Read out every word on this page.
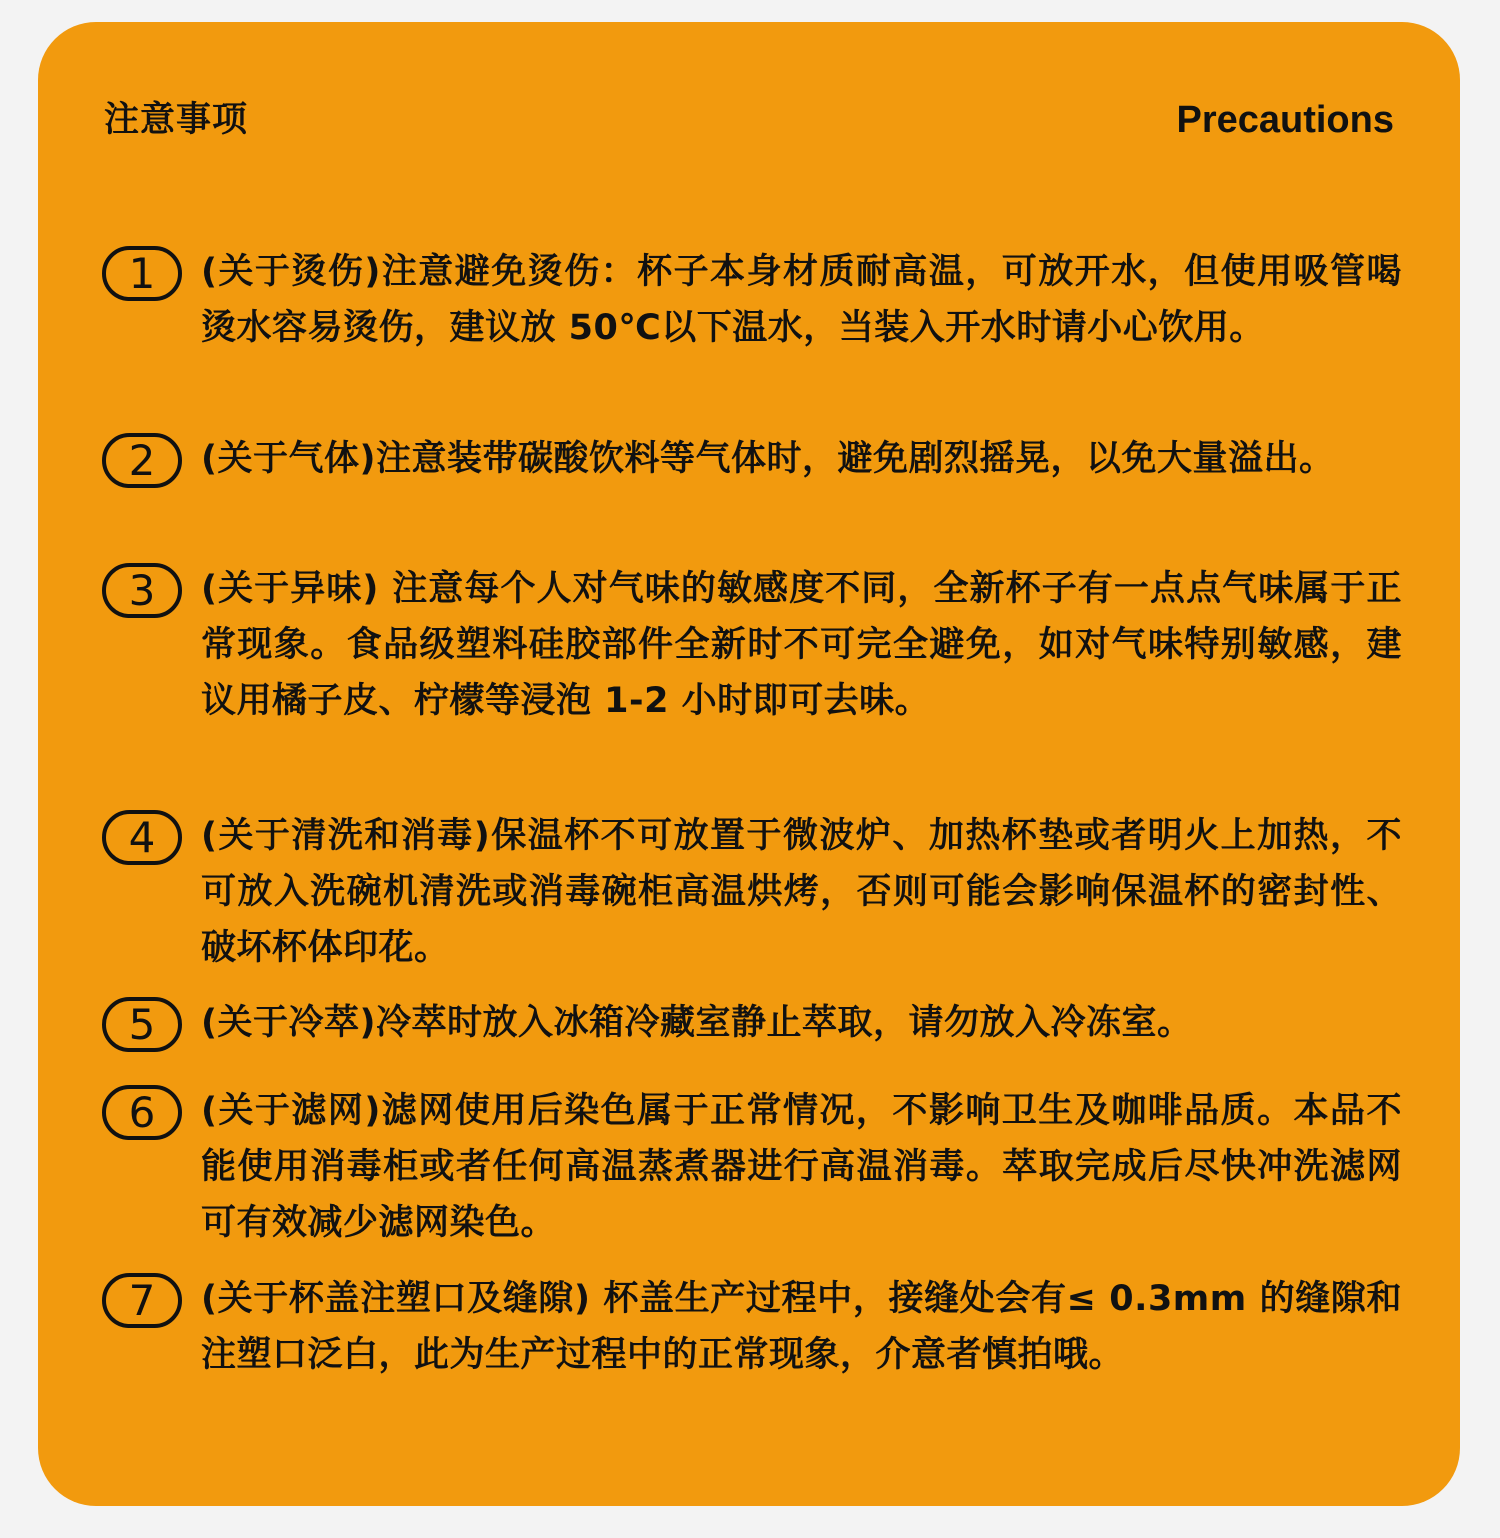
注意事项	Precautions
1	(关于烫伤)注意避免烫伤：杯子本身材质耐高温，可放开水，但使用吸管喝烫水容易烫伤，建议放 50℃以下温水，当装入开水时请小心饮用。
2	(关于气体)注意装带碳酸饮料等气体时，避免剧烈摇晃，以免大量溢出。
3	(关于异味) 注意每个人对气味的敏感度不同，全新杯子有一点点气味属于正常现象。食品级塑料硅胶部件全新时不可完全避免，如对气味特别敏感，建议用橘子皮、柠檬等浸泡 1-2 小时即可去味。
4	(关于清洗和消毒)保温杯不可放置于微波炉、加热杯垫或者明火上加热，不可放入洗碗机清洗或消毒碗柜高温烘烤，否则可能会影响保温杯的密封性、破坏杯体印花。
5	(关于冷萃)冷萃时放入冰箱冷藏室静止萃取，请勿放入冷冻室。
6	(关于滤网)滤网使用后染色属于正常情况，不影响卫生及咖啡品质。本品不能使用消毒柜或者任何高温蒸煮器进行高温消毒。萃取完成后尽快冲洗滤网可有效减少滤网染色。
7	(关于杯盖注塑口及缝隙) 杯盖生产过程中，接缝处会有≤ 0.3mm 的缝隙和注塑口泛白，此为生产过程中的正常现象，介意者慎拍哦。
